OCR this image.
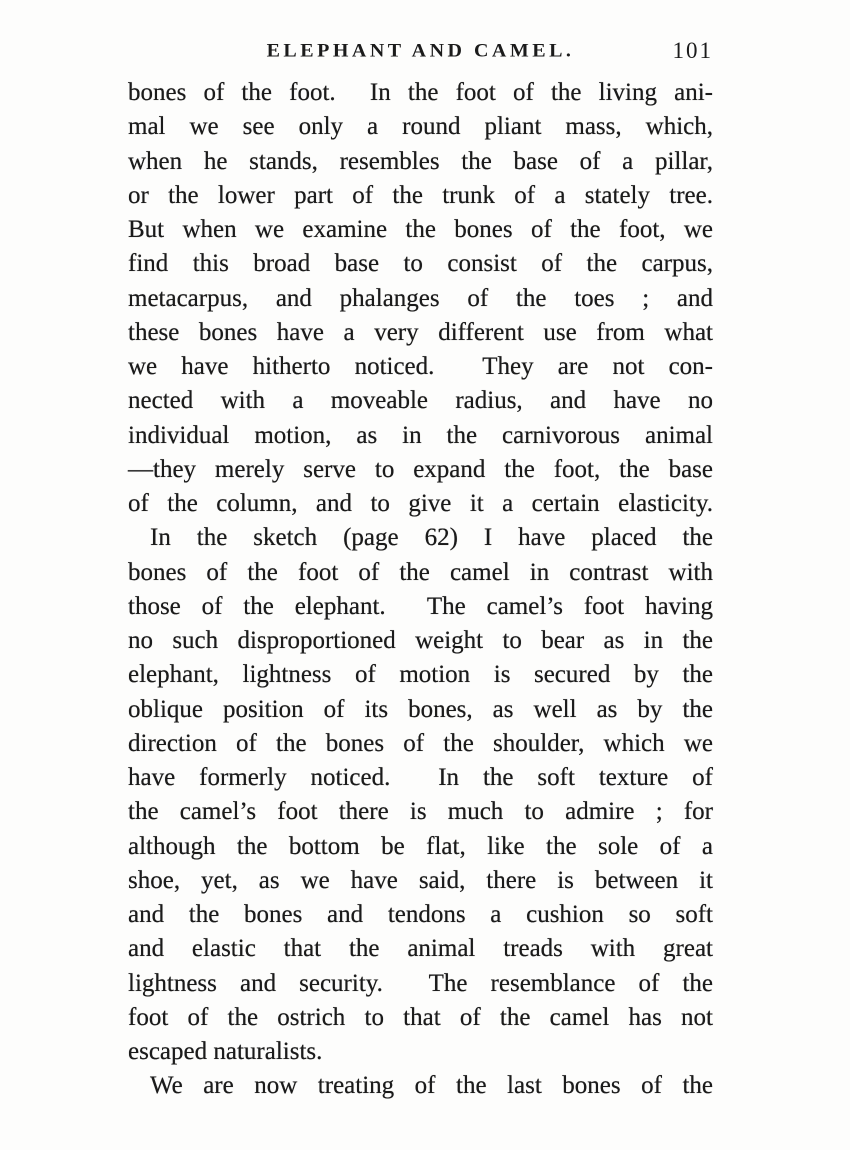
ELEPHANT AND CAMEL.	101
bones of the foot.  In the foot of the living ani-
mal we see only a round pliant mass, which,
when he stands, resembles the base of a pillar,
or the lower part of the trunk of a stately tree.
But when we examine the bones of the foot, we
find this broad base to consist of the carpus,
metacarpus, and phalanges of the toes ; and
these bones have a very different use from what
we have hitherto noticed.  They are not con-
nected with a moveable radius, and have no
individual motion, as in the carnivorous animal
—they merely serve to expand the foot, the base
of the column, and to give it a certain elasticity.
In the sketch (page 62) I have placed the
bones of the foot of the camel in contrast with
those of the elephant.  The camel’s foot having
no such disproportioned weight to bear as in the
elephant, lightness of motion is secured by the
oblique position of its bones, as well as by the
direction of the bones of the shoulder, which we
have formerly noticed.  In the soft texture of
the camel’s foot there is much to admire ; for
although the bottom be flat, like the sole of a
shoe, yet, as we have said, there is between it
and the bones and tendons a cushion so soft
and elastic that the animal treads with great
lightness and security.  The resemblance of the
foot of the ostrich to that of the camel has not
escaped naturalists.
We are now treating of the last bones of the
